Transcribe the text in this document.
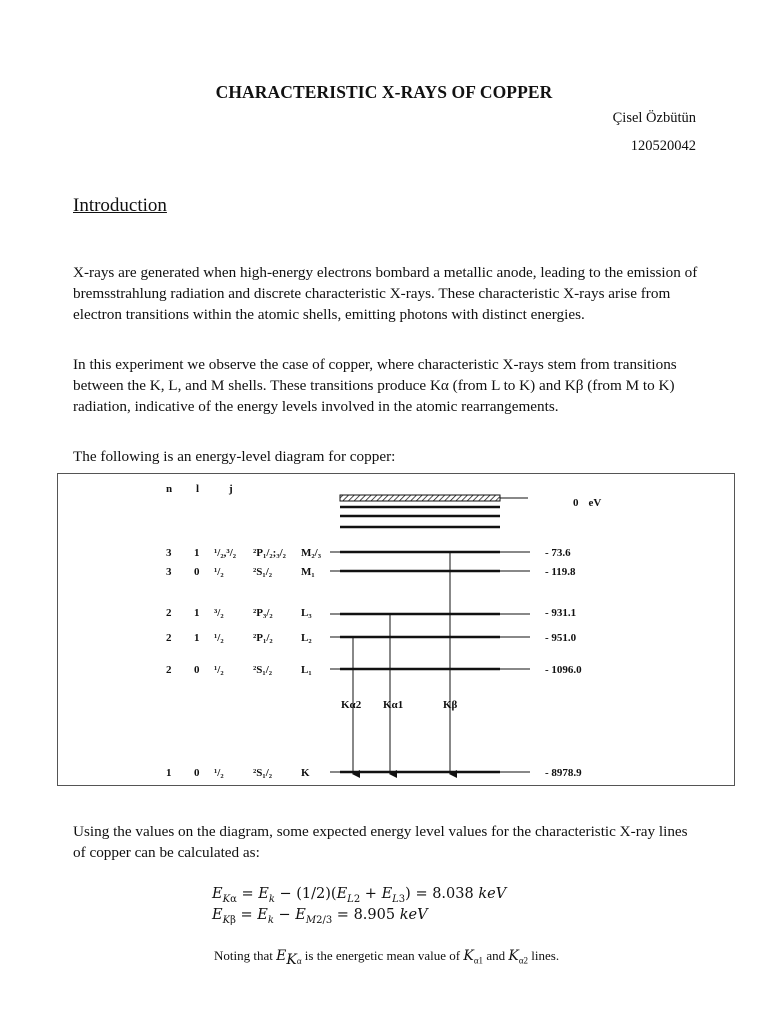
CHARACTERISTIC X-RAYS OF COPPER
Çisel Özbütün
120520042
Introduction

X-rays are generated when high-energy electrons bombard a metallic anode, leading to the emission of bremsstrahlung radiation and discrete characteristic X-rays. These characteristic X-rays arise from electron transitions within the atomic shells, emitting photons with distinct energies.

In this experiment we observe the case of copper, where characteristic X-rays stem from transitions between the K, L, and M shells. These transitions produce Kα (from L to K) and Kβ (from M to K) radiation, indicative of the energy levels involved in the atomic rearrangements.

The following is an energy-level diagram for copper:

n l	j
0 eV
3 1 ¹/₂,³/₂ ²P₁/₂;₃/₂ M₂/₃	- 73.6
3 0 ¹/₂	²S₁/₂	M₁	- 119.8
2 1 ³/₂	²P₃/₂	L₃	- 931.1
2 1 ¹/₂	²P₁/₂	L₂	- 951.0
2 0 ¹/₂	²S₁/₂	L₁	- 1096.0
1 0 ¹/₂	²S₁/₂	K	- 8978.9
Kα2 Kα1	Kβ

Using the values on the diagram, some expected energy level values for the characteristic X-ray lines of copper can be calculated as:

$E_{K\alpha} = E_k - (1/2)(E_{L2} + E_{L3}) = 8.038$ keV
$E_{K\beta} = E_k - E_{M2/3} = 8.905$ keV
Noting that $E_{K\alpha}$ is the energetic mean value of $K_{\alpha 1}$ and $K_{\alpha 2}$ lines.
